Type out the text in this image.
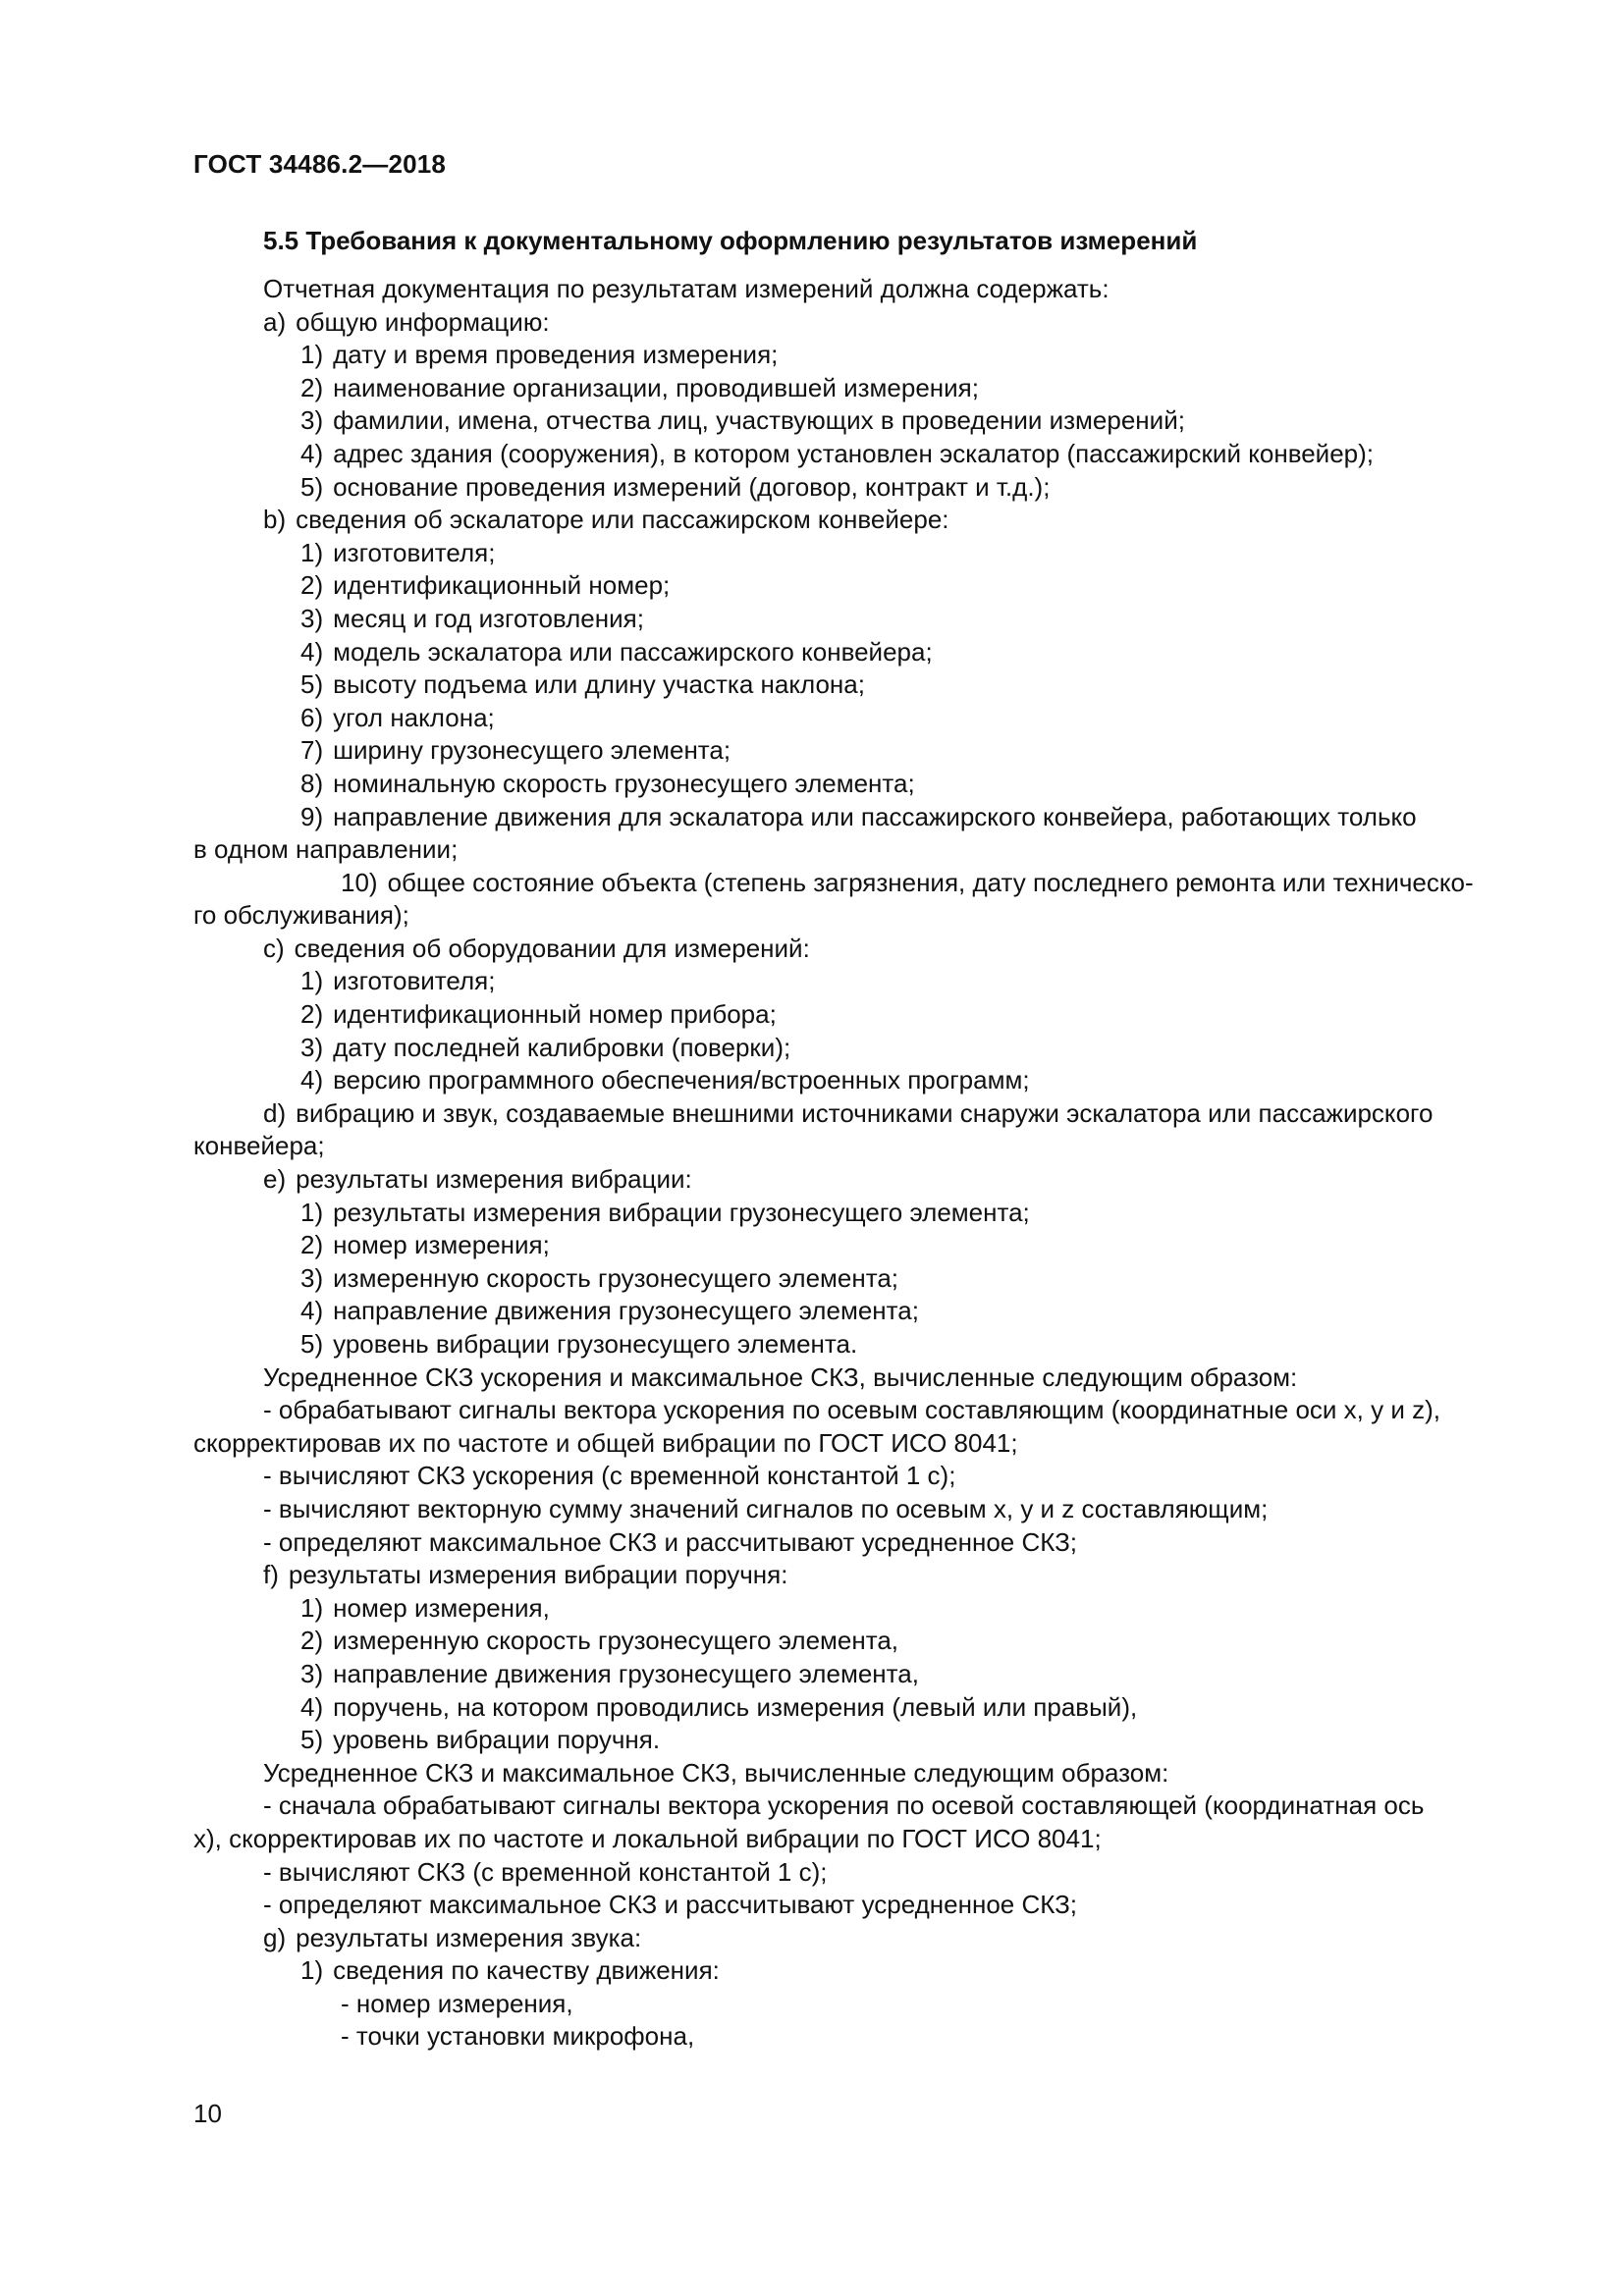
ГОСТ 34486.2—2018
5.5 Требования к документальному оформлению результатов измерений
Отчетная документация по результатам измерений должна содержать:
a) общую информацию:
1) дату и время проведения измерения;
2) наименование организации, проводившей измерения;
3) фамилии, имена, отчества лиц, участвующих в проведении измерений;
4) адрес здания (сооружения), в котором установлен эскалатор (пассажирский конвейер);
5) основание проведения измерений (договор, контракт и т.д.);
b) сведения об эскалаторе или пассажирском конвейере:
1) изготовителя;
2) идентификационный номер;
3) месяц и год изготовления;
4) модель эскалатора или пассажирского конвейера;
5) высоту подъема или длину участка наклона;
6) угол наклона;
7) ширину грузонесущего элемента;
8) номинальную скорость грузонесущего элемента;
9) направление движения для эскалатора или пассажирского конвейера, работающих только
в одном направлении;
10) общее состояние объекта (степень загрязнения, дату последнего ремонта или техническо-
го обслуживания);
c) сведения об оборудовании для измерений:
1) изготовителя;
2) идентификационный номер прибора;
3) дату последней калибровки (поверки);
4) версию программного обеспечения/встроенных программ;
d) вибрацию и звук, создаваемые внешними источниками снаружи эскалатора или пассажирского
конвейера;
e) результаты измерения вибрации:
1) результаты измерения вибрации грузонесущего элемента;
2) номер измерения;
3) измеренную скорость грузонесущего элемента;
4) направление движения грузонесущего элемента;
5) уровень вибрации грузонесущего элемента.
Усредненное СКЗ ускорения и максимальное СКЗ, вычисленные следующим образом:
- обрабатывают сигналы вектора ускорения по осевым составляющим (координатные оси x, y и z),
скорректировав их по частоте и общей вибрации по ГОСТ ИСО 8041;
- вычисляют СКЗ ускорения (с временной константой 1 с);
- вычисляют векторную сумму значений сигналов по осевым x, y и z составляющим;
- определяют максимальное СКЗ и рассчитывают усредненное СКЗ;
f) результаты измерения вибрации поручня:
1) номер измерения,
2) измеренную скорость грузонесущего элемента,
3) направление движения грузонесущего элемента,
4) поручень, на котором проводились измерения (левый или правый),
5) уровень вибрации поручня.
Усредненное СКЗ и максимальное СКЗ, вычисленные следующим образом:
- сначала обрабатывают сигналы вектора ускорения по осевой составляющей (координатная ось
x), скорректировав их по частоте и локальной вибрации по ГОСТ ИСО 8041;
- вычисляют СКЗ (с временной константой 1 с);
- определяют максимальное СКЗ и рассчитывают усредненное СКЗ;
g) результаты измерения звука:
1) сведения по качеству движения:
- номер измерения,
- точки установки микрофона,
10
